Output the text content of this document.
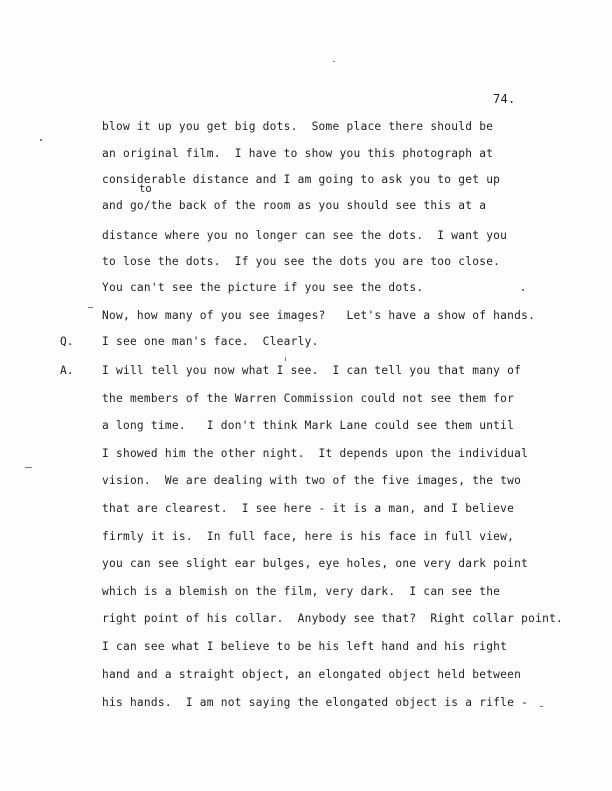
74.
to
Q.
A.
blow it up you get big dots.  Some place there should be
an original film.  I have to show you this photograph at
considerable distance and I am going to ask you to get up
and go/the back of the room as you should see this at a
distance where you no longer can see the dots.  I want you
to lose the dots.  If you see the dots you are too close.
You can't see the picture if you see the dots.
Now, how many of you see images?   Let's have a show of hands.
I see one man's face.  Clearly.
I will tell you now what I see.  I can tell you that many of
the members of the Warren Commission could not see them for
a long time.   I don't think Mark Lane could see them until
I showed him the other night.  It depends upon the individual
vision.  We are dealing with two of the five images, the two
that are clearest.  I see here - it is a man, and I believe
firmly it is.  In full face, here is his face in full view,
you can see slight ear bulges, eye holes, one very dark point
which is a blemish on the film, very dark.  I can see the
right point of his collar.  Anybody see that?  Right collar point.
I can see what I believe to be his left hand and his right
hand and a straight object, an elongated object held between
his hands.  I am not saying the elongated object is a rifle -
